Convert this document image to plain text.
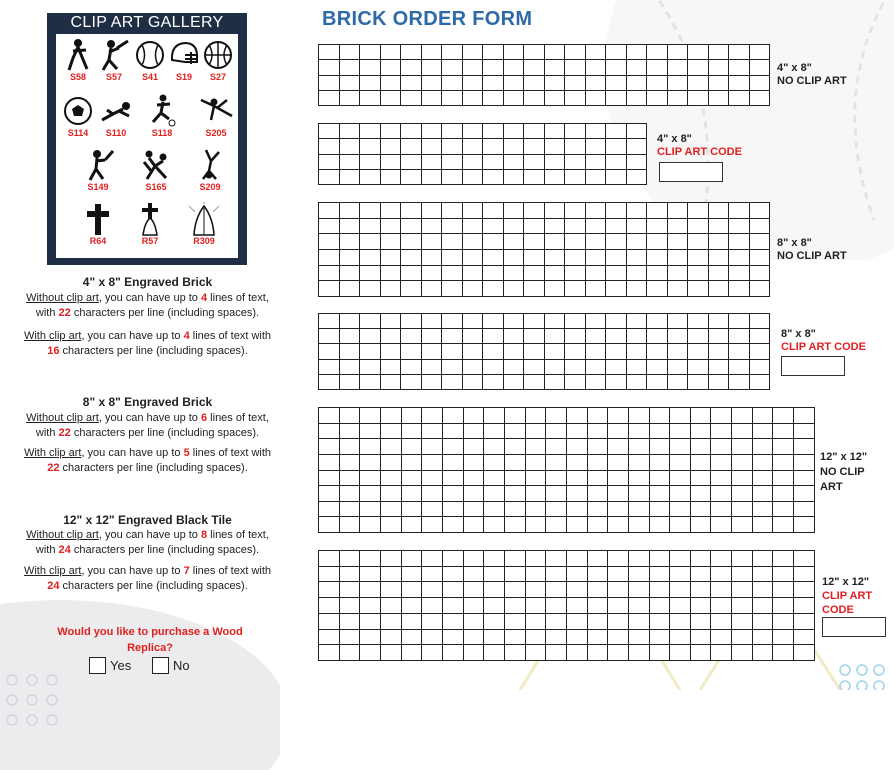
CLIP ART GALLERY
S58	S57	S41	S19	S27
S114	S110	S118	S205
S149	S165	S209
R64	R57	R309
4" x 8" Engraved Brick

Without clip art, you can have up to 4 lines of text, with 22 characters per line (including spaces).

With clip art, you can have up to 4 lines of text with 16 characters per line (including spaces).

8" x 8" Engraved Brick

Without clip art, you can have up to 6 lines of text, with 22 characters per line (including spaces).

With clip art, you can have up to 5 lines of text with 22 characters per line (including spaces).

12" x 12" Engraved Black Tile

Without clip art, you can have up to 8 lines of text, with 24 characters per line (including spaces).

With clip art, you can have up to 7 lines of text with 24 characters per line (including spaces).

Would you like to purchase a Wood Replica?
Yes	No
BRICK ORDER FORM

4" x 8"
NO CLIP ART

4" x 8"
CLIP ART CODE

8" x 8"
NO CLIP ART

8" x 8"
CLIP ART CODE

12" x 12"
NO CLIP ART

12" x 12"
CLIP ART CODE
